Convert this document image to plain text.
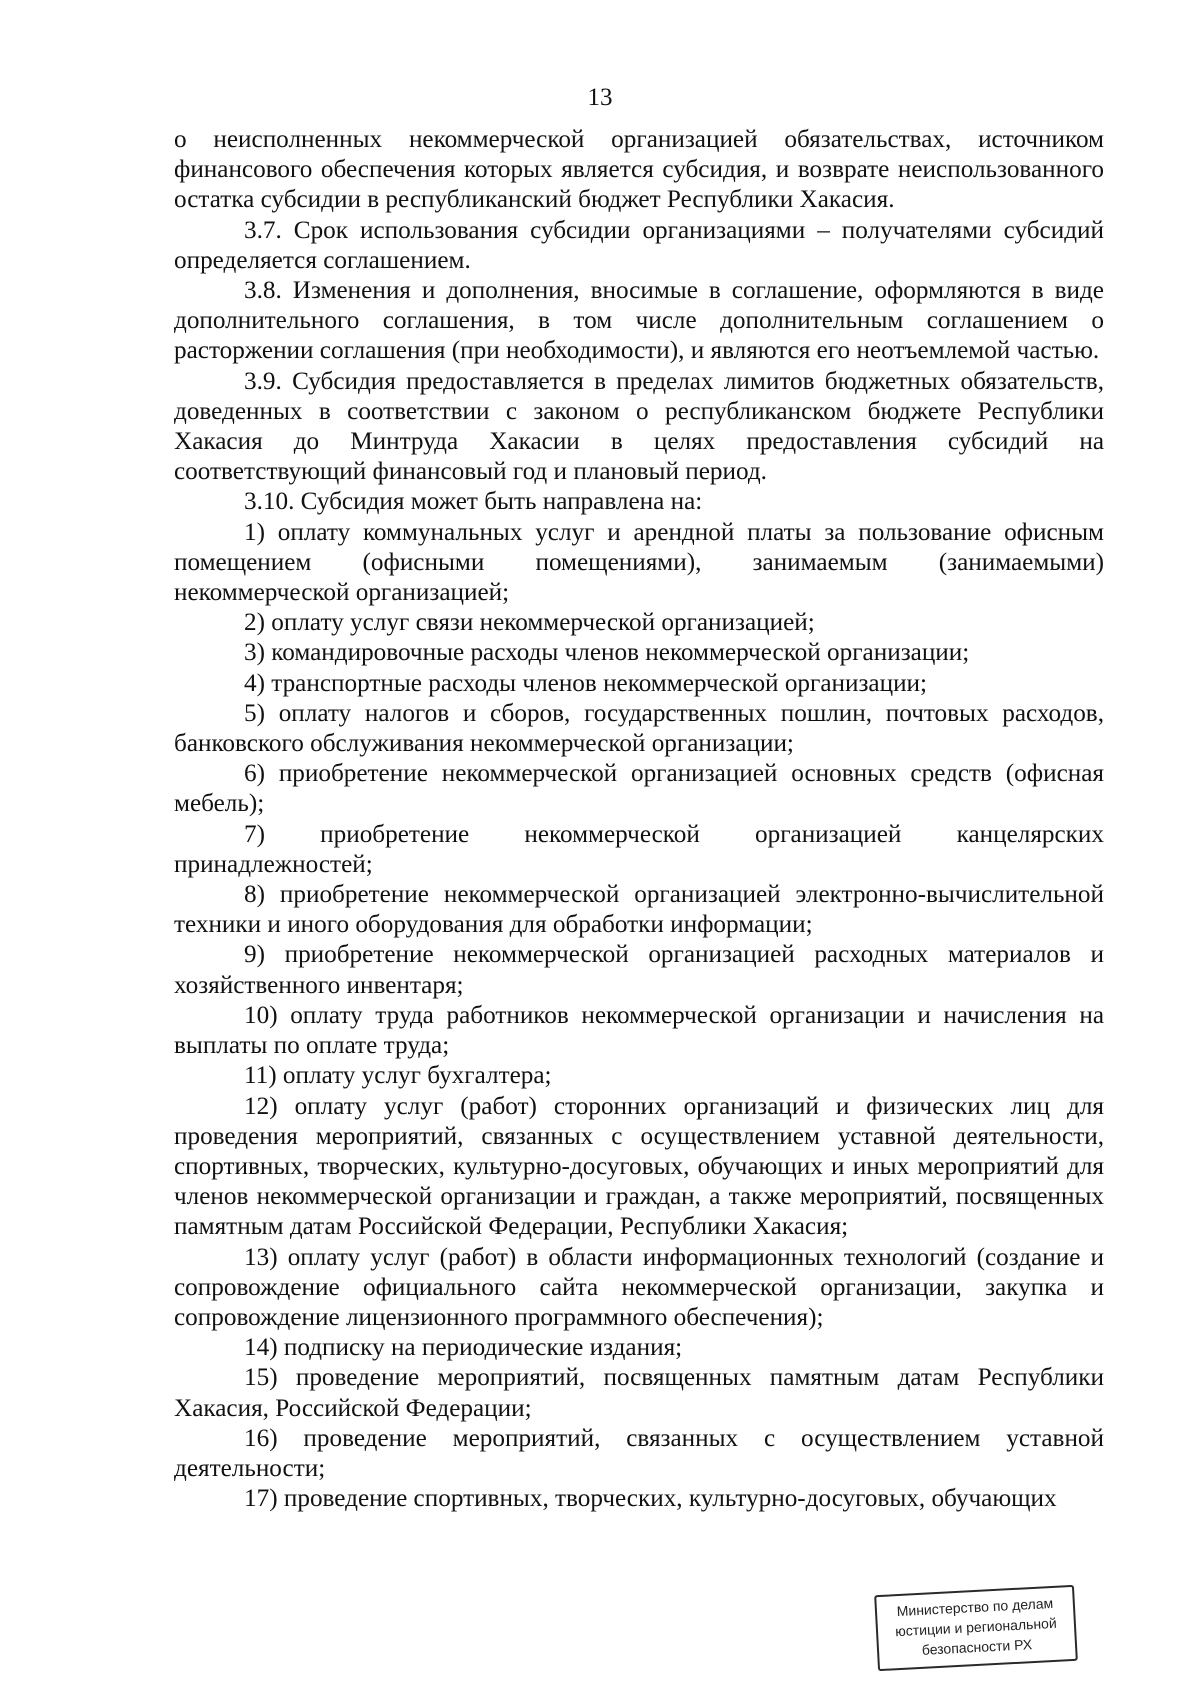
13

о неисполненных некоммерческой организацией обязательствах, источником финансового обеспечения которых является субсидия, и возврате неиспользованного остатка субсидии в республиканский бюджет Республики Хакасия.

3.7. Срок использования субсидии организациями – получателями субсидий определяется соглашением.

3.8. Изменения и дополнения, вносимые в соглашение, оформляются в виде дополнительного соглашения, в том числе дополнительным соглашением о расторжении соглашения (при необходимости), и являются его неотъемлемой частью.

3.9. Субсидия предоставляется в пределах лимитов бюджетных обязательств, доведенных в соответствии с законом о республиканском бюджете Республики Хакасия до Минтруда Хакасии в целях предоставления субсидий на соответствующий финансовый год и плановый период.

3.10. Субсидия может быть направлена на:

1) оплату коммунальных услуг и арендной платы за пользование офисным помещением (офисными помещениями), занимаемым (занимаемыми) некоммерческой организацией;

2) оплату услуг связи некоммерческой организацией;

3) командировочные расходы членов некоммерческой организации;

4) транспортные расходы членов некоммерческой организации;

5) оплату налогов и сборов, государственных пошлин, почтовых расходов, банковского обслуживания некоммерческой организации;

6) приобретение некоммерческой организацией основных средств (офисная мебель);

7) приобретение некоммерческой организацией канцелярских принадлежностей;

8) приобретение некоммерческой организацией электронно-вычислительной техники и иного оборудования для обработки информации;

9) приобретение некоммерческой организацией расходных материалов и хозяйственного инвентаря;

10) оплату труда работников некоммерческой организации и начисления на выплаты по оплате труда;

11) оплату услуг бухгалтера;

12) оплату услуг (работ) сторонних организаций и физических лиц для проведения мероприятий, связанных с осуществлением уставной деятельности, спортивных, творческих, культурно-досуговых, обучающих и иных мероприятий для членов некоммерческой организации и граждан, а также мероприятий, посвященных памятным датам Российской Федерации, Республики Хакасия;

13) оплату услуг (работ) в области информационных технологий (создание и сопровождение официального сайта некоммерческой организации, закупка и сопровождение лицензионного программного обеспечения);

14) подписку на периодические издания;

15) проведение мероприятий, посвященных памятным датам Республики Хакасия, Российской Федерации;

16) проведение мероприятий, связанных с осуществлением уставной деятельности;

17) проведение спортивных, творческих, культурно-досуговых, обучающих

Министерство по делам
юстиции и региональной
безопасности РХ
